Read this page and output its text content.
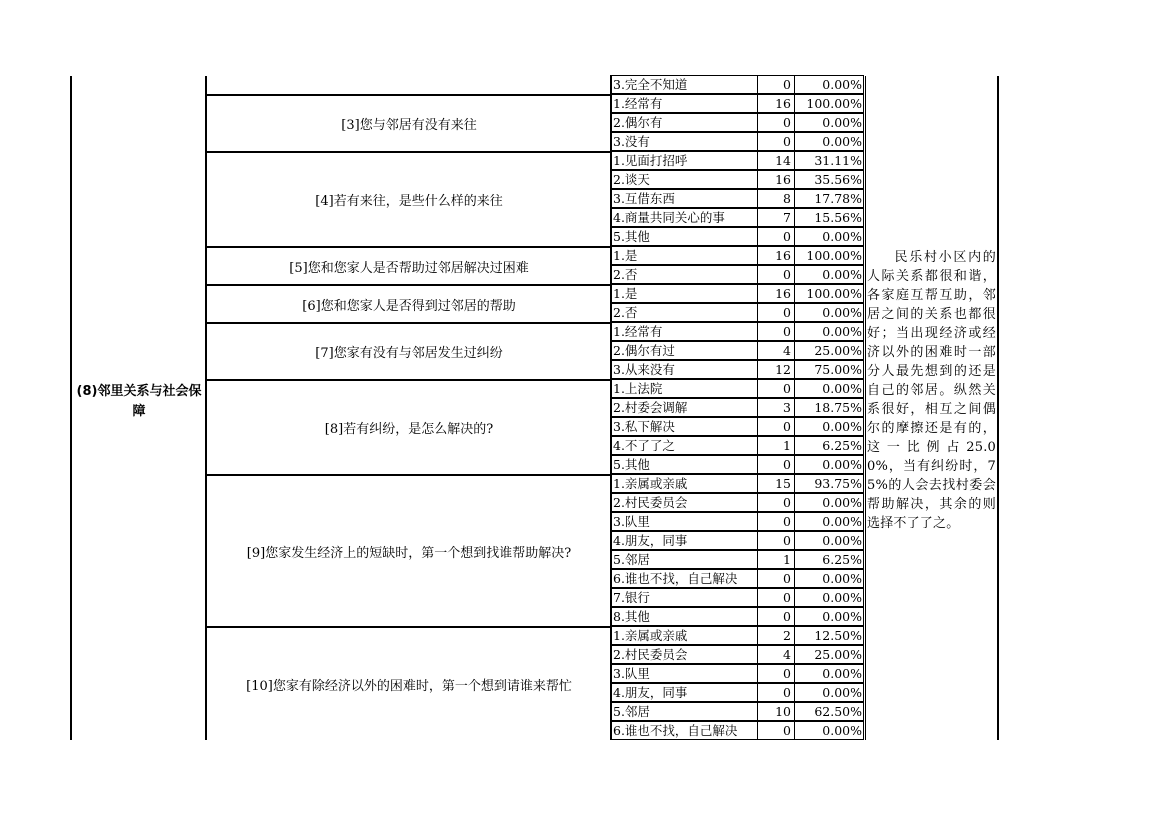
(8)邻里关系与社会保障
3.完全不知道	0	0.00%
[3]您与邻居有没有来往
1.经常有	16	100.00%
2.偶尔有	0	0.00%
3.没有	0	0.00%
[4]若有来往，是些什么样的来往
1.见面打招呼	14	31.11%
2.谈天	16	35.56%
3.互借东西	8	17.78%
4.商量共同关心的事	7	15.56%
5.其他	0	0.00%
[5]您和您家人是否帮助过邻居解决过困难
1.是	16	100.00%
2.否	0	0.00%
[6]您和您家人是否得到过邻居的帮助
1.是	16	100.00%
2.否	0	0.00%
[7]您家有没有与邻居发生过纠纷
1.经常有	0	0.00%
2.偶尔有过	4	25.00%
3.从来没有	12	75.00%
[8]若有纠纷，是怎么解决的?
1.上法院	0	0.00%
2.村委会调解	3	18.75%
3.私下解决	0	0.00%
4.不了了之	1	6.25%
5.其他	0	0.00%
[9]您家发生经济上的短缺时，第一个想到找谁帮助解决?
1.亲属或亲戚	15	93.75%
2.村民委员会	0	0.00%
3.队里	0	0.00%
4.朋友，同事	0	0.00%
5.邻居	1	6.25%
6.谁也不找，自己解决	0	0.00%
7.银行	0	0.00%
8.其他	0	0.00%
[10]您家有除经济以外的困难时，第一个想到请谁来帮忙
1.亲属或亲戚	2	12.50%
2.村民委员会	4	25.00%
3.队里	0	0.00%
4.朋友，同事	0	0.00%
5.邻居	10	62.50%
6.谁也不找，自己解决	0	0.00%
民乐村小区内的人际关系都很和谐，各家庭互帮互助，邻居之间的关系也都很好；当出现经济或经济以外的困难时一部分人最先想到的还是自己的邻居。纵然关系很好，相互之间偶尔的摩擦还是有的，这一比例占25.00%，当有纠纷时，75%的人会去找村委会帮助解决，其余的则选择不了了之。
